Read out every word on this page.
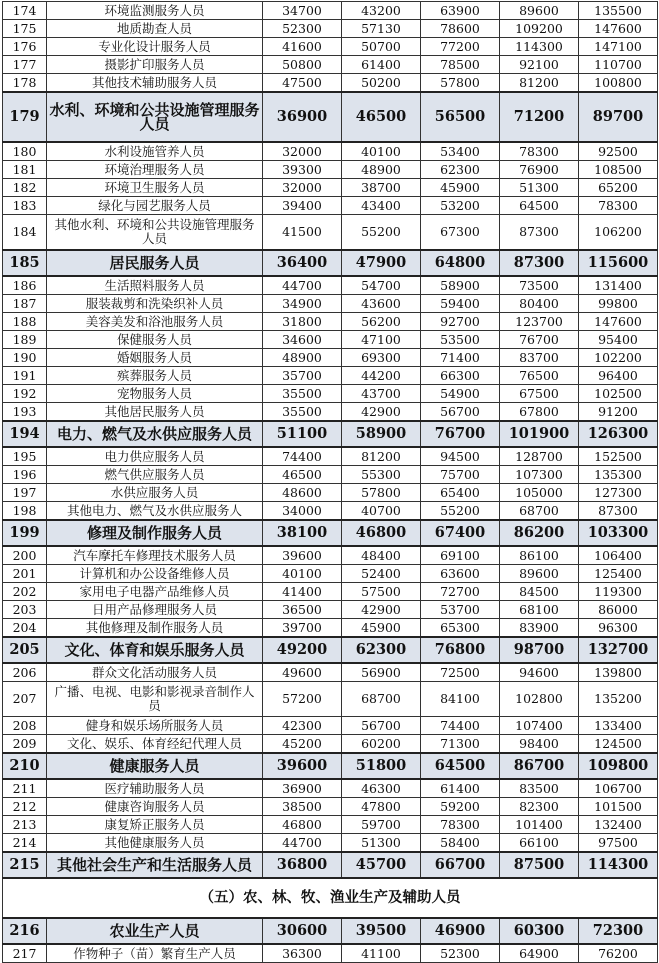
174	环境监测服务人员	34700	43200	63900	89600	135500
175	地质勘查人员	52300	57130	78600	109200	147600
176	专业化设计服务人员	41600	50700	77200	114300	147100
177	摄影扩印服务人员	50800	61400	78500	92100	110700
178	其他技术辅助服务人员	47500	50200	57800	81200	100800
179	水利、环境和公共设施管理服务人员	36900	46500	56500	71200	89700
180	水利设施管养人员	32000	40100	53400	78300	92500
181	环境治理服务人员	39300	48900	62300	76900	108500
182	环境卫生服务人员	32000	38700	45900	51300	65200
183	绿化与园艺服务人员	39400	43400	53200	64500	78300
184	其他水利、环境和公共设施管理服务人员	41500	55200	67300	87300	106200
185	居民服务人员	36400	47900	64800	87300	115600
186	生活照料服务人员	44700	54700	58900	73500	131400
187	服装裁剪和洗染织补人员	34900	43600	59400	80400	99800
188	美容美发和浴池服务人员	31800	56200	92700	123700	147600
189	保健服务人员	34600	47100	53500	76700	95400
190	婚姻服务人员	48900	69300	71400	83700	102200
191	殡葬服务人员	35700	44200	66300	76500	96400
192	宠物服务人员	35500	43700	54900	67500	102500
193	其他居民服务人员	35500	42900	56700	67800	91200
194	电力、燃气及水供应服务人员	51100	58900	76700	101900	126300
195	电力供应服务人员	74400	81200	94500	128700	152500
196	燃气供应服务人员	46500	55300	75700	107300	135300
197	水供应服务人员	48600	57800	65400	105000	127300
198	其他电力、燃气及水供应服务人	34000	40700	55200	68700	87300
199	修理及制作服务人员	38100	46800	67400	86200	103300
200	汽车摩托车修理技术服务人员	39600	48400	69100	86100	106400
201	计算机和办公设备维修人员	40100	52400	63600	89600	125400
202	家用电子电器产品维修人员	41400	57500	72700	84500	119300
203	日用产品修理服务人员	36500	42900	53700	68100	86000
204	其他修理及制作服务人员	39700	45900	65300	83900	96300
205	文化、体育和娱乐服务人员	49200	62300	76800	98700	132700
206	群众文化活动服务人员	49600	56900	72500	94600	139800
207	广播、电视、电影和影视录音制作人员	57200	68700	84100	102800	135200
208	健身和娱乐场所服务人员	42300	56700	74400	107400	133400
209	文化、娱乐、体育经纪代理人员	45200	60200	71300	98400	124500
210	健康服务人员	39600	51800	64500	86700	109800
211	医疗辅助服务人员	36900	46300	61400	83500	106700
212	健康咨询服务人员	38500	47800	59200	82300	101500
213	康复矫正服务人员	46800	59700	78300	101400	132400
214	其他健康服务人员	44700	51300	58400	66100	97500
215	其他社会生产和生活服务人员	36800	45700	66700	87500	114300
（五）农、林、牧、渔业生产及辅助人员						
216	农业生产人员	30600	39500	46900	60300	72300
217	作物种子（苗）繁育生产人员	36300	41100	52300	64900	76200
